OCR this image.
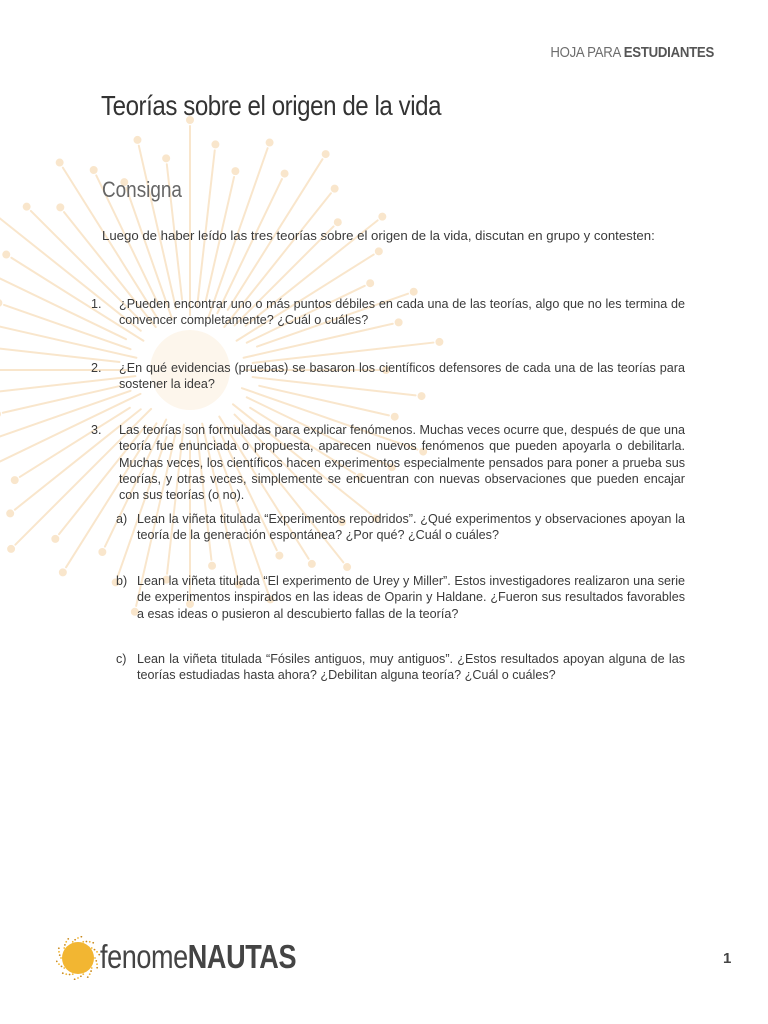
HOJA PARA ESTUDIANTES
Teorías sobre el origen de la vida
Consigna

Luego de haber leído las tres teorías sobre el origen de la vida, discutan en grupo y contesten:

1.	¿Pueden encontrar uno o más puntos débiles en cada una de las teorías, algo que no les termina de convencer completamente? ¿Cuál o cuáles?
2.	¿En qué evidencias (pruebas) se basaron los científicos defensores de cada una de las teorías para sostener la idea?
3.	Las teorías son formuladas para explicar fenómenos. Muchas veces ocurre que, después de que una teoría fue enunciada o propuesta, aparecen nuevos fenómenos que pueden apoyarla o debilitarla. Muchas veces, los científicos hacen experimentos especialmente pensados para poner a prueba sus teorías, y otras veces, simplemente se encuentran con nuevas observaciones que pueden encajar con sus teorías (o no).
a) Lean la viñeta titulada “Experimentos repodridos”. ¿Qué experimentos y observaciones apoyan la teoría de la generación espontánea? ¿Por qué? ¿Cuál o cuáles?
b) Lean la viñeta titulada “El experimento de Urey y Miller”. Estos investigadores realizaron una serie de experimentos inspirados en las ideas de Oparin y Haldane. ¿Fueron sus resultados favorables a esas ideas o pusieron al descubierto fallas de la teoría?
c) Lean la viñeta titulada “Fósiles antiguos, muy antiguos”. ¿Estos resultados apoyan alguna de las teorías estudiadas hasta ahora? ¿Debilitan alguna teoría? ¿Cuál o cuáles?
fenomeNAUTAS	1
